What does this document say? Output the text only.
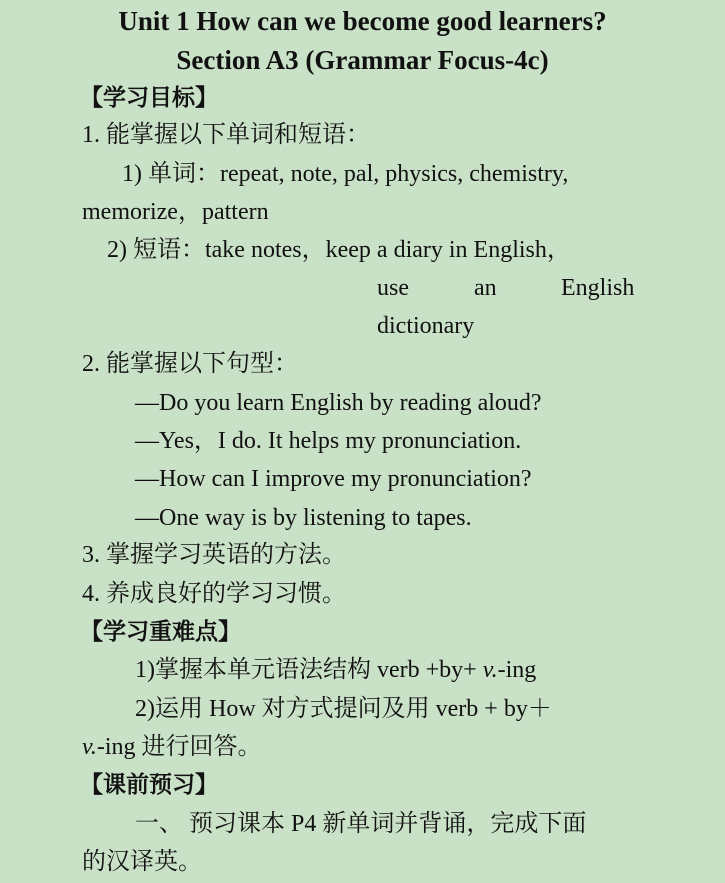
Unit 1 How can we become good learners?
Section A3 (Grammar Focus-4c)
【学习目标】
1. 能掌握以下单词和短语：
1) 单词：repeat, note, pal, physics, chemistry,
memorize，pattern
2) 短语：take notes，keep a diary in English，
use	an	English
dictionary
2. 能掌握以下句型：
—Do you learn English by reading aloud?
—Yes，I do. It helps my pronunciation.
—How can I improve my pronunciation?
—One way is by listening to tapes.
3. 掌握学习英语的方法。
4. 养成良好的学习习惯。
【学习重难点】
1)掌握本单元语法结构 verb +by+ v.-ing
2)运用 How 对方式提问及用 verb + by＋
v.-ing 进行回答。
【课前预习】
一、 预习课本 P4 新单词并背诵，完成下面
的汉译英。
